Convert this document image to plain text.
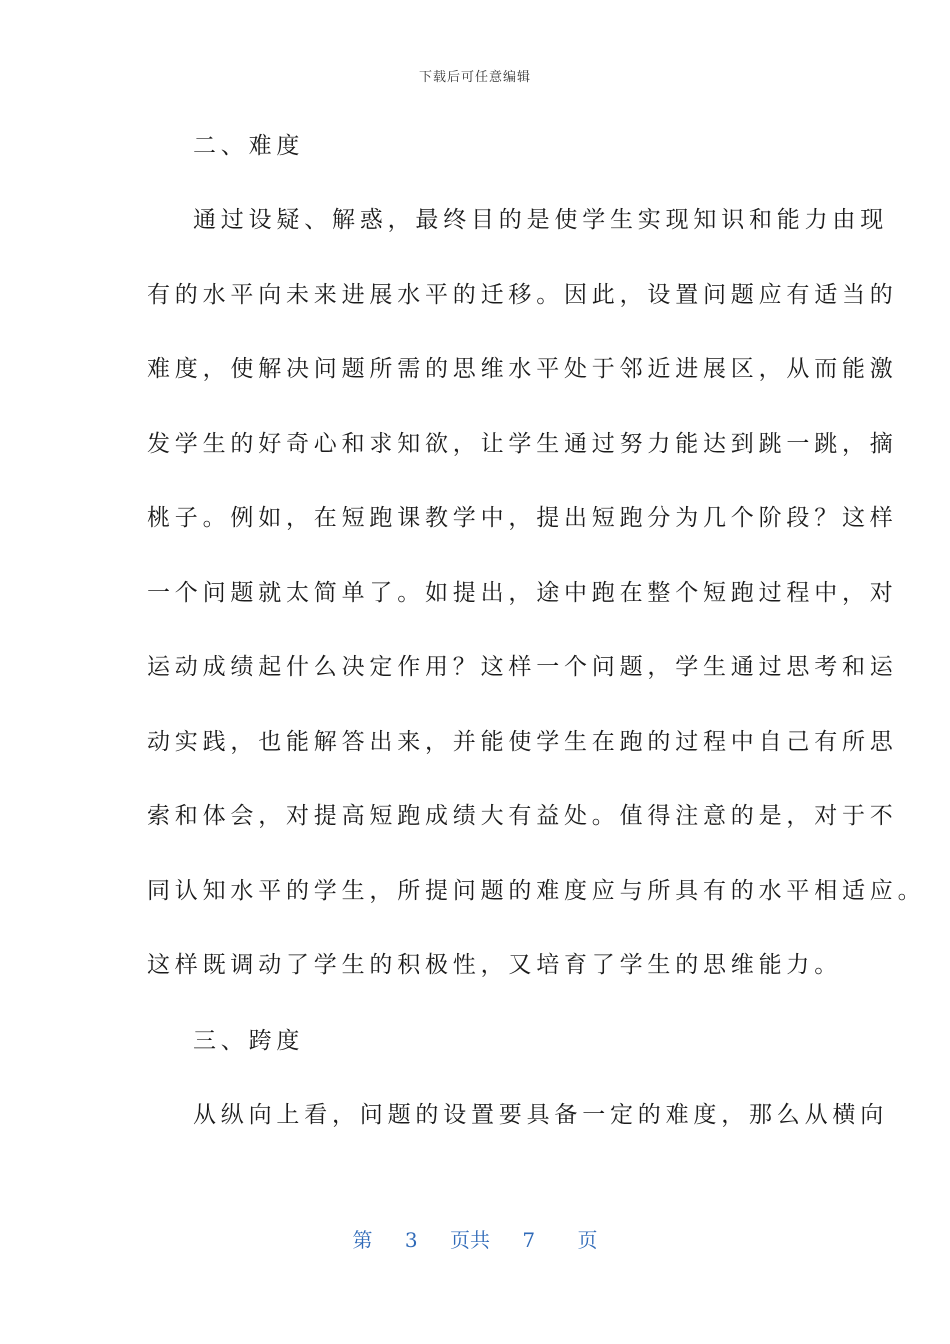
下载后可任意编辑
二、难度
通过设疑、解惑，最终目的是使学生实现知识和能力由现
有的水平向未来进展水平的迁移。因此，设置问题应有适当的
难度，使解决问题所需的思维水平处于邻近进展区，从而能激
发学生的好奇心和求知欲，让学生通过努力能达到跳一跳，摘
桃子。例如，在短跑课教学中，提出短跑分为几个阶段？这样
一个问题就太简单了。如提出，途中跑在整个短跑过程中，对
运动成绩起什么决定作用？这样一个问题，学生通过思考和运
动实践，也能解答出来，并能使学生在跑的过程中自己有所思
索和体会，对提高短跑成绩大有益处。值得注意的是，对于不
同认知水平的学生，所提问题的难度应与所具有的水平相适应。
这样既调动了学生的积极性，又培育了学生的思维能力。
三、跨度
从纵向上看，问题的设置要具备一定的难度，那么从横向
第 3 页共 7 页
